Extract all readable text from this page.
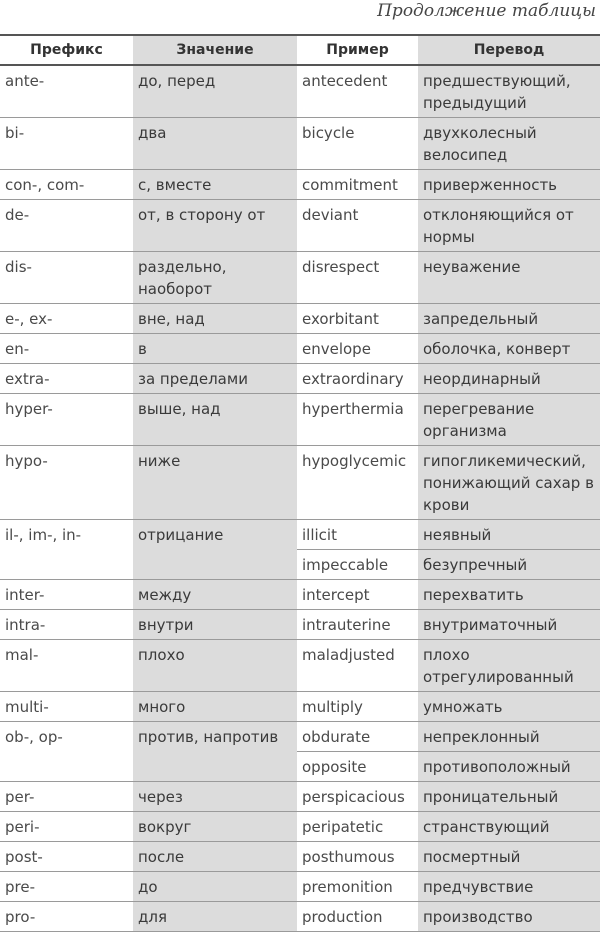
Продолжение таблицы
Префикс	Значение	Пример	Перевод
ante-	до, перед	antecedent	предшествующий, предыдущий
bi-	два	bicycle	двухколесный велосипед
con-, com-	с, вместе	commitment	приверженность
de-	от, в сторону от	deviant	отклоняющийся от нормы
dis-	раздельно, наоборот	disrespect	неуважение
e-, ex-	вне, над	exorbitant	запредельный
en-	в	envelope	оболочка, конверт
extra-	за пределами	extraordinary	неординарный
hyper-	выше, над	hyperthermia	перегревание организма
hypo-	ниже	hypoglycemic	гипогликемический, понижающий сахар в крови
il-, im-, in-	отрицание	illicit	неявный
		impeccable	безупречный
inter-	между	intercept	перехватить
intra-	внутри	intrauterine	внутриматочный
mal-	плохо	maladjusted	плохо отрегулированный
multi-	много	multiply	умножать
ob-, op-	против, напротив	obdurate	непреклонный
		opposite	противоположный
per-	через	perspicacious	проницательный
peri-	вокруг	peripatetic	странствующий
post-	после	posthumous	посмертный
pre-	до	premonition	предчувствие
pro-	для	production	производство
